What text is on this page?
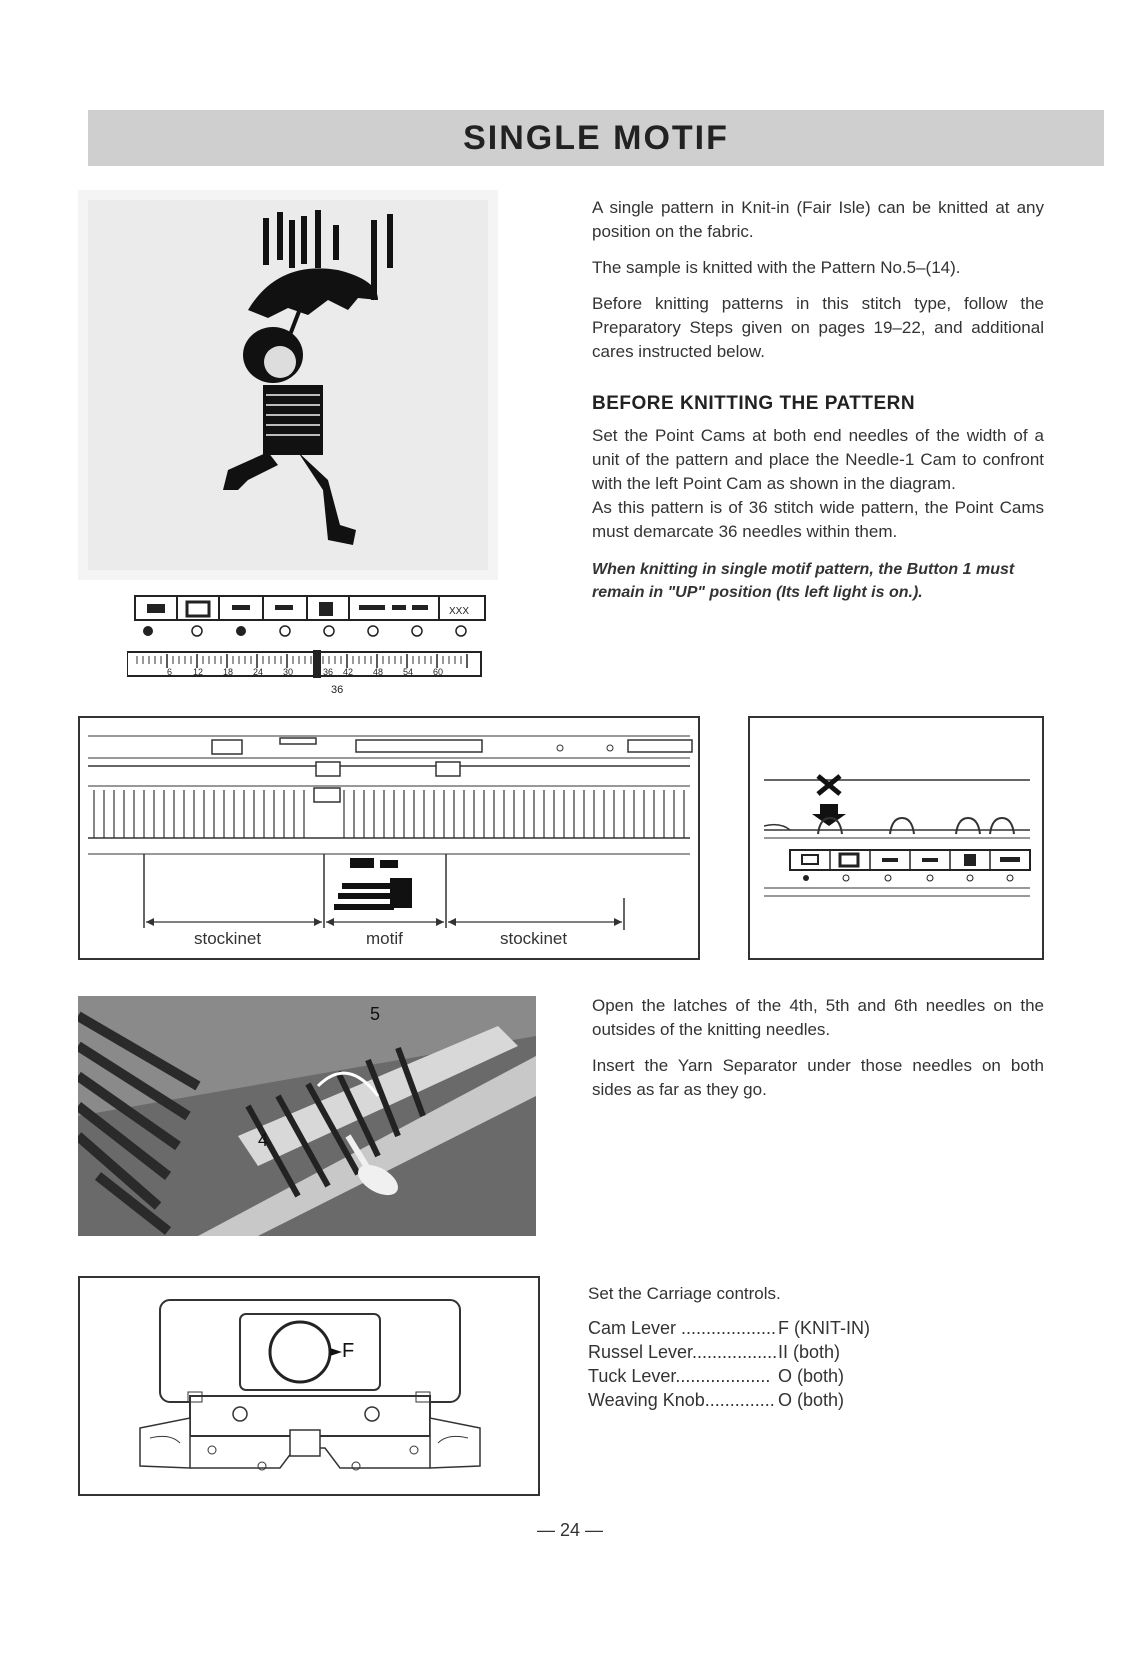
SINGLE MOTIF

A single pattern in Knit-in (Fair Isle) can be knitted at any position on the fabric.

The sample is knitted with the Pattern No.5–(14).

Before knitting patterns in this stitch type, follow the Preparatory Steps given on pages 19–22, and additional cares instructed below.

BEFORE KNITTING THE PATTERN

Set the Point Cams at both end needles of the width of a unit of the pattern and place the Needle-1 Cam to confront with the left Point Cam as shown in the diagram.

As this pattern is of 36 stitch wide pattern, the Point Cams must demarcate 36 needles within them.

When knitting in single motif pattern, the Button 1 must remain in "UP" position (Its left light is on.).

XXX
6 12 18 24 30	36 42 48 54 60
36
stockinet	motif	stockinet
4
5	Open the latches of the 4th, 5th and 6th needles on the outsides of the knitting needles.

Insert the Yarn Separator under those needles on both sides as far as they go.

F
Set the Carriage controls.
Cam Lever ................... F (KNIT-IN)
Russel Lever................. II (both)
Tuck Lever................... O (both)
Weaving Knob.............. O (both)
— 24 —
